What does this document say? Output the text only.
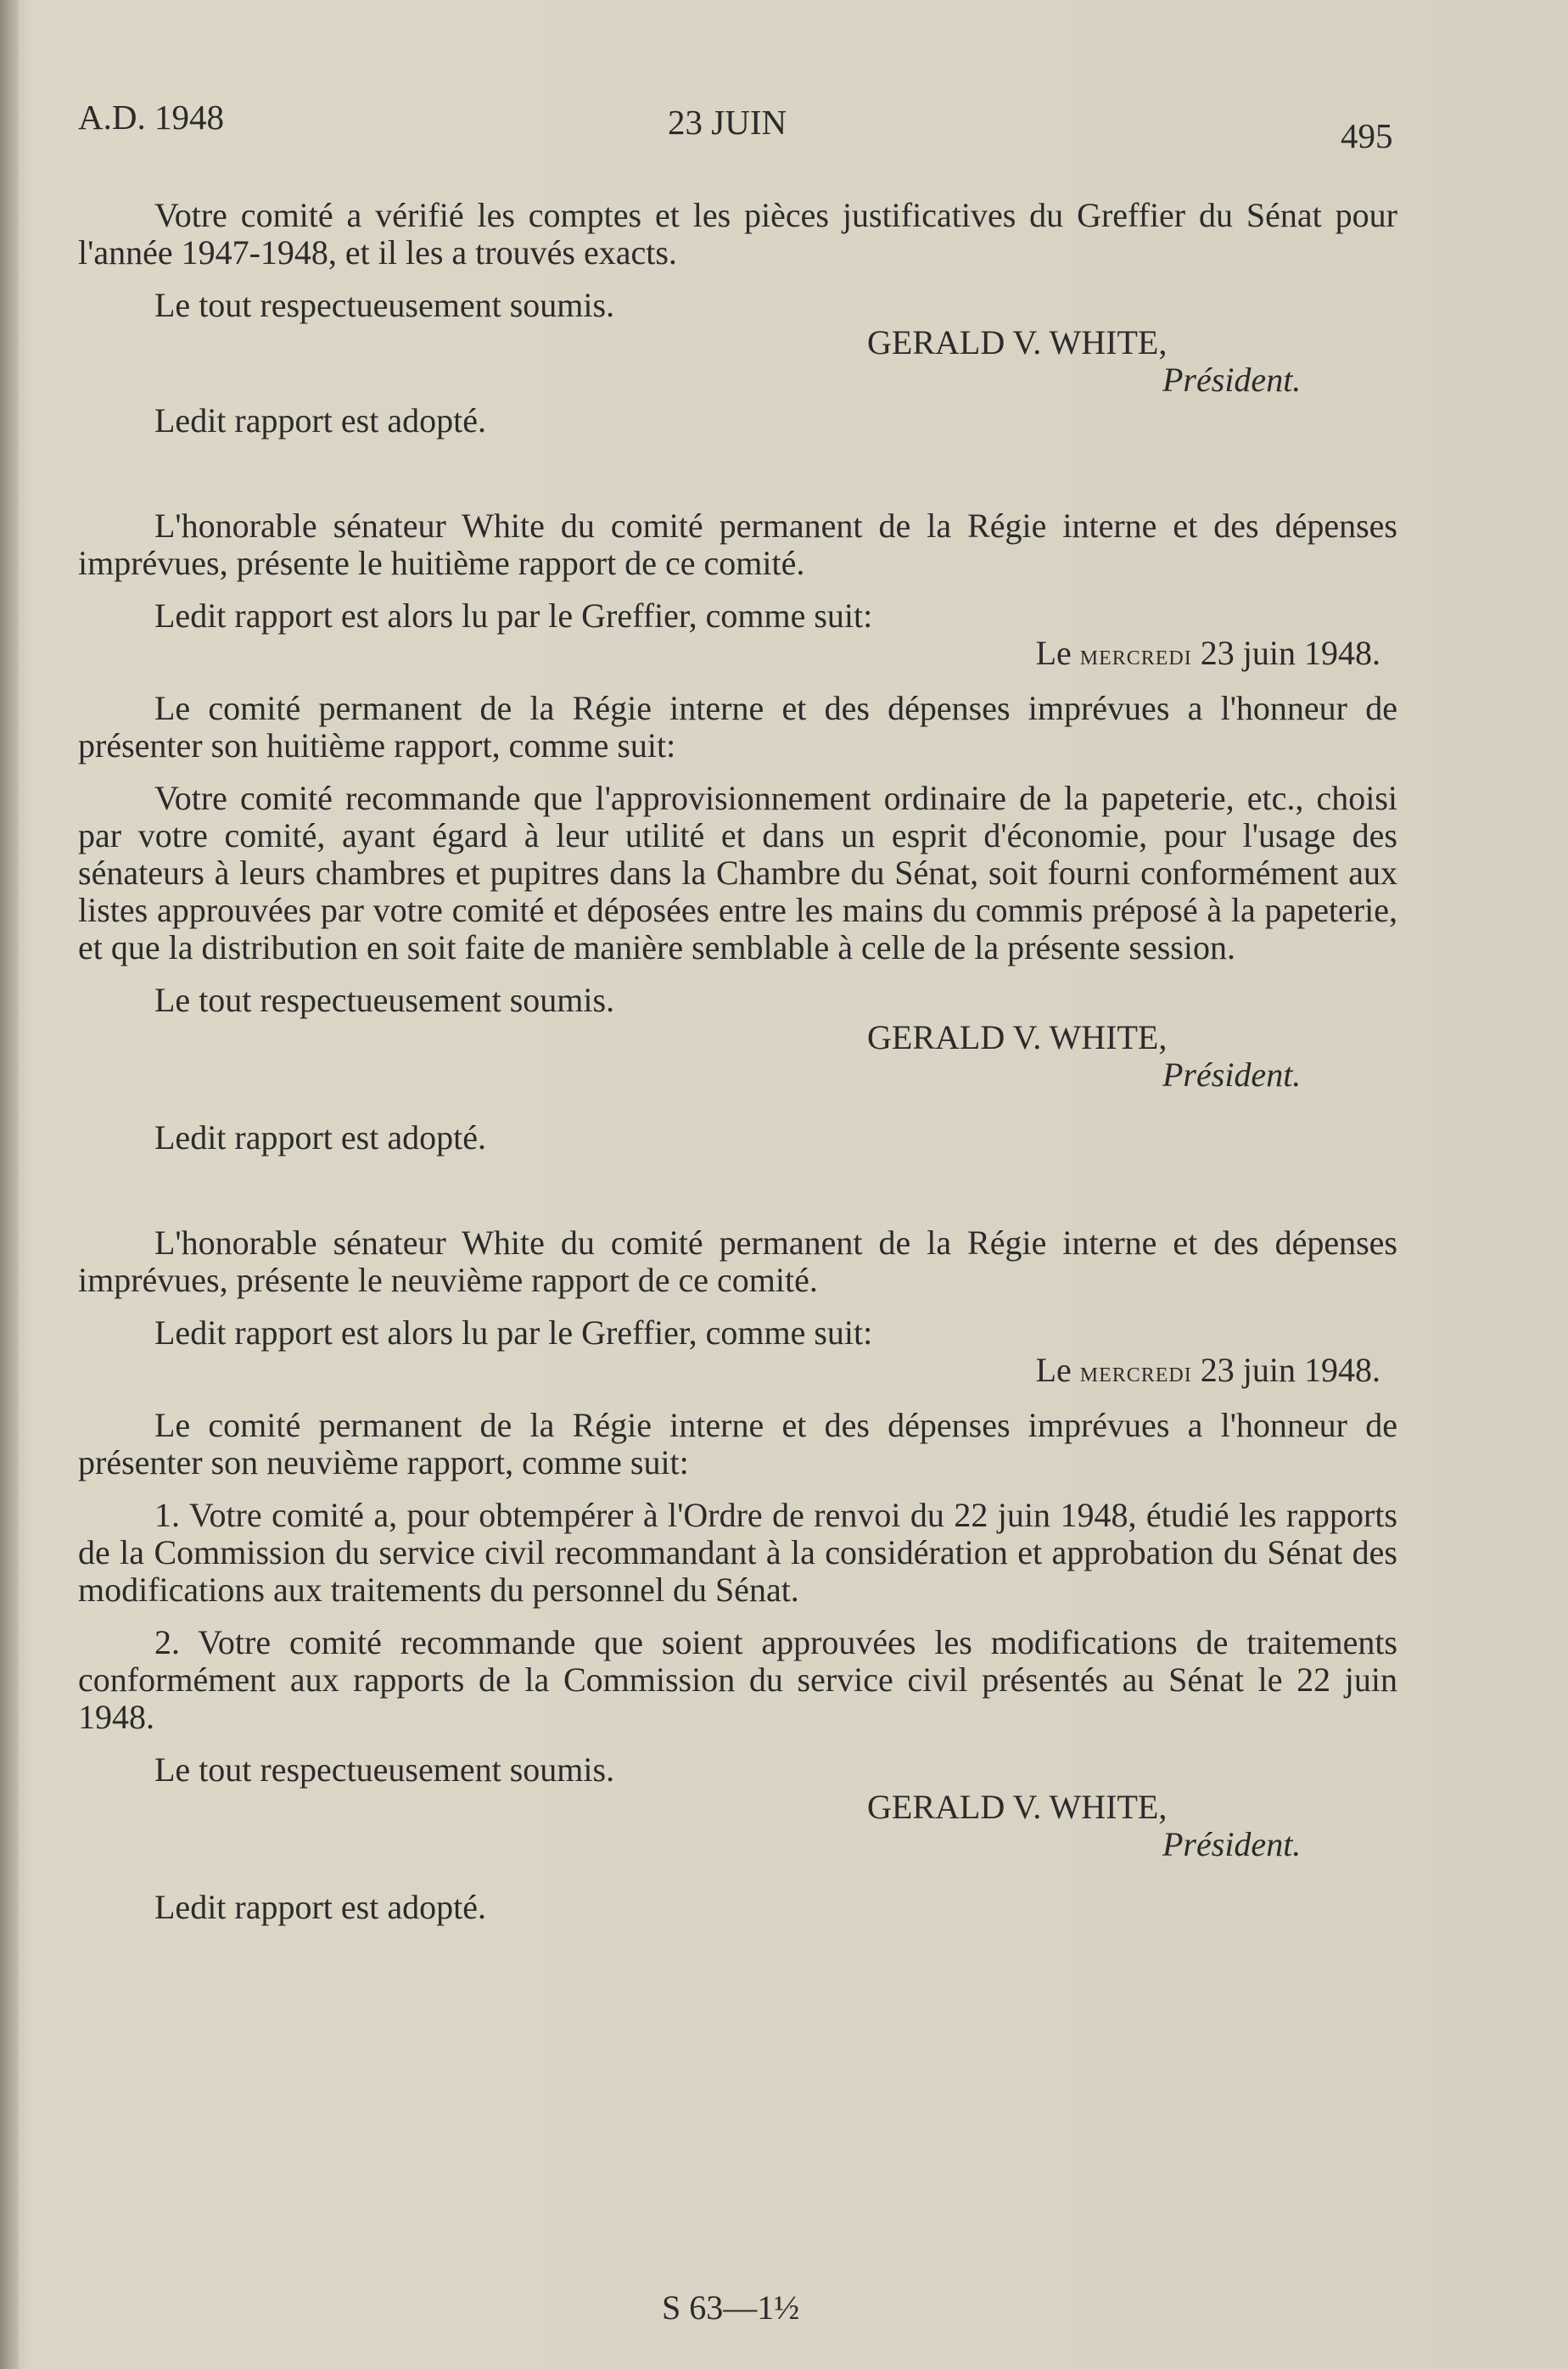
A.D. 1948	23 JUIN	495

Votre comité a vérifié les comptes et les pièces justificatives du Greffier du Sénat pour l'année 1947-1948, et il les a trouvés exacts.

Le tout respectueusement soumis.

GERALD V. WHITE,

Président.

Ledit rapport est adopté.

L'honorable sénateur White du comité permanent de la Régie interne et des dépenses imprévues, présente le huitième rapport de ce comité.

Ledit rapport est alors lu par le Greffier, comme suit:

Le mercredi 23 juin 1948.

Le comité permanent de la Régie interne et des dépenses imprévues a l'honneur de présenter son huitième rapport, comme suit:

Votre comité recommande que l'approvisionnement ordinaire de la papeterie, etc., choisi par votre comité, ayant égard à leur utilité et dans un esprit d'économie, pour l'usage des sénateurs à leurs chambres et pupitres dans la Chambre du Sénat, soit fourni conformément aux listes approuvées par votre comité et déposées entre les mains du commis préposé à la papeterie, et que la distribution en soit faite de manière semblable à celle de la présente session.

Le tout respectueusement soumis.

GERALD V. WHITE,

Président.

Ledit rapport est adopté.

L'honorable sénateur White du comité permanent de la Régie interne et des dépenses imprévues, présente le neuvième rapport de ce comité.

Ledit rapport est alors lu par le Greffier, comme suit:

Le mercredi 23 juin 1948.

Le comité permanent de la Régie interne et des dépenses imprévues a l'honneur de présenter son neuvième rapport, comme suit:

1. Votre comité a, pour obtempérer à l'Ordre de renvoi du 22 juin 1948, étudié les rapports de la Commission du service civil recommandant à la considération et approbation du Sénat des modifications aux traitements du personnel du Sénat.

2. Votre comité recommande que soient approuvées les modifications de traitements conformément aux rapports de la Commission du service civil présentés au Sénat le 22 juin 1948.

Le tout respectueusement soumis.

GERALD V. WHITE,

Président.

Ledit rapport est adopté.

S 63—1½
